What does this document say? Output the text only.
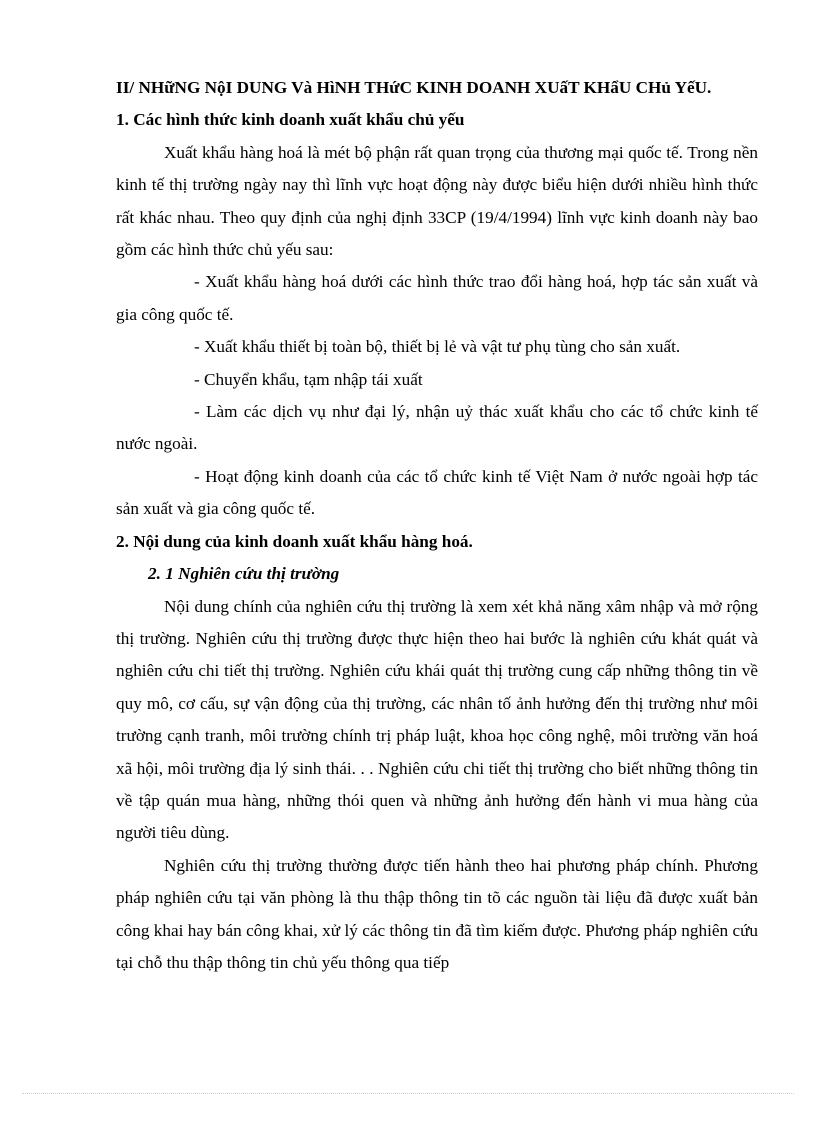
II/ NHữNG NộI DUNG Và HìNH THứC KINH DOANH XUấT KHẩU CHủ YếU.

1. Các hình thức kinh doanh xuất khẩu chủ yếu

Xuất khẩu hàng hoá là mét bộ phận rất quan trọng của thương mại quốc tế. Trong nền kinh tế thị trường ngày nay thì lĩnh vực hoạt động này được biểu hiện dưới nhiều hình thức rất khác nhau. Theo quy định của nghị định 33CP (19/4/1994) lĩnh vực kinh doanh này bao gồm các hình thức chủ yếu sau:

- Xuất khẩu hàng hoá dưới các hình thức trao đổi hàng hoá, hợp tác sản xuất và gia công quốc tế.

- Xuất khẩu thiết bị toàn bộ, thiết bị lẻ và vật tư phụ tùng cho sản xuất.

- Chuyển khẩu, tạm nhập tái xuất

- Làm các dịch vụ như đại lý, nhận uỷ thác xuất khẩu cho các tổ chức kinh tế nước ngoài.

- Hoạt động kinh doanh của các tổ chức kinh tế Việt Nam ở nước ngoài hợp tác sản xuất và gia công quốc tế.

2. Nội dung của kinh doanh xuất khẩu hàng hoá.

2. 1 Nghiên cứu thị trường

Nội dung chính của nghiên cứu thị trường là xem xét khả năng xâm nhập và mở rộng thị trường. Nghiên cứu thị trường được thực hiện theo hai bước là nghiên cứu khát quát và nghiên cứu chi tiết thị trường. Nghiên cứu khái quát thị trường cung cấp những thông tin về quy mô, cơ cấu, sự vận động của thị trường, các nhân tố ảnh hưởng đến thị trường như môi trường cạnh tranh, môi trường chính trị pháp luật, khoa học công nghệ, môi trường văn hoá xã hội, môi trường địa lý sinh thái. . . Nghiên cứu chi tiết thị trường cho biết những thông tin về tập quán mua hàng, những thói quen và những ảnh hưởng đến hành vi mua hàng của người tiêu dùng.

Nghiên cứu thị trường thường được tiến hành theo hai phương pháp chính. Phương pháp nghiên cứu tại văn phòng là thu thập thông tin tõ các nguồn tài liệu đã được xuất bản công khai hay bán công khai, xử lý các thông tin đã tìm kiếm được. Phương pháp nghiên cứu tại chỗ thu thập thông tin chủ yếu thông qua tiếp
